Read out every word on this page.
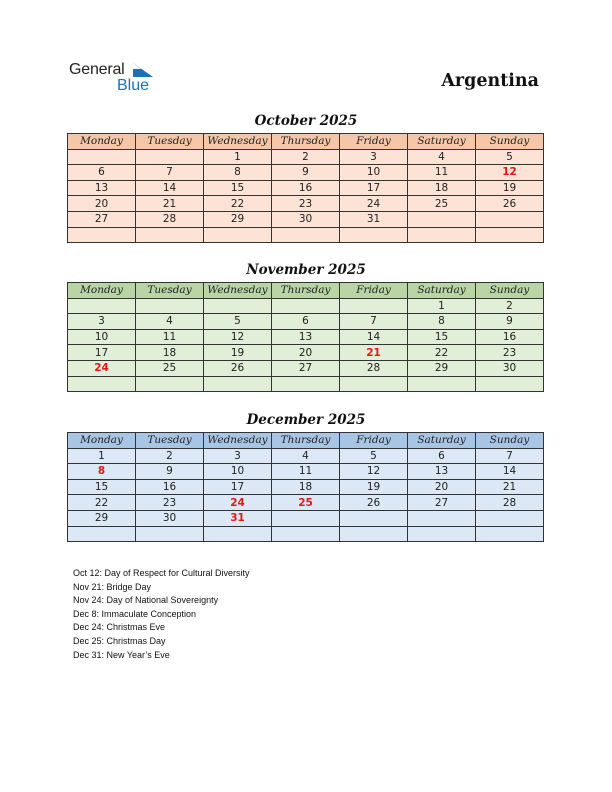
General
Blue	Argentina
October 2025
Monday	Tuesday	Wednesday	Thursday	Friday	Saturday	Sunday
		1	2	3	4	5
6	7	8	9	10	11	12
13	14	15	16	17	18	19
20	21	22	23	24	25	26
27	28	29	30	31		

November 2025
Monday	Tuesday	Wednesday	Thursday	Friday	Saturday	Sunday
					1	2
3	4	5	6	7	8	9
10	11	12	13	14	15	16
17	18	19	20	21	22	23
24	25	26	27	28	29	30

December 2025
Monday	Tuesday	Wednesday	Thursday	Friday	Saturday	Sunday
1	2	3	4	5	6	7
8	9	10	11	12	13	14
15	16	17	18	19	20	21
22	23	24	25	26	27	28
29	30	31				

Oct 12: Day of Respect for Cultural Diversity
Nov 21: Bridge Day
Nov 24: Day of National Sovereignty
Dec 8: Immaculate Conception
Dec 24: Christmas Eve
Dec 25: Christmas Day
Dec 31: New Year’s Eve
